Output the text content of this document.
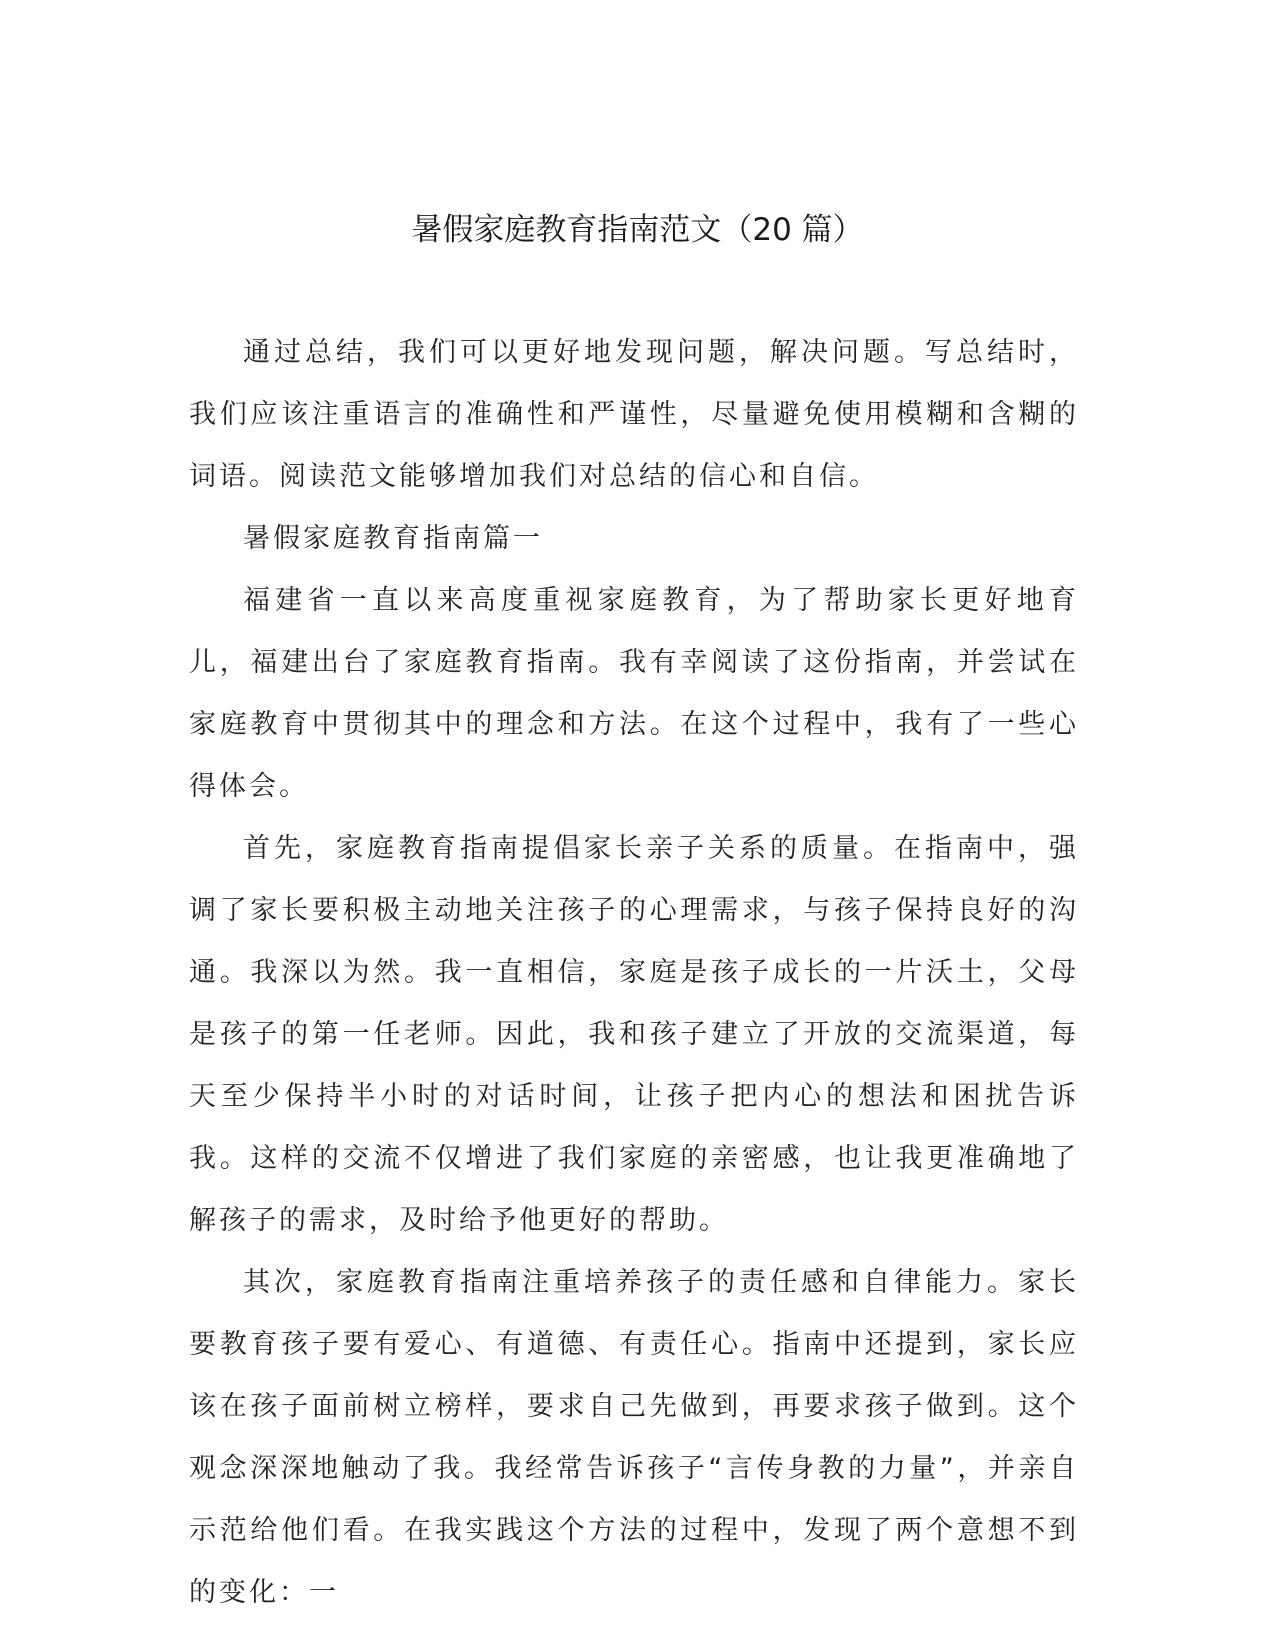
暑假家庭教育指南范文（20 篇）

通过总结，我们可以更好地发现问题，解决问题。写总结时，我们应该注重语言的准确性和严谨性，尽量避免使用模糊和含糊的词语。阅读范文能够增加我们对总结的信心和自信。

暑假家庭教育指南篇一

福建省一直以来高度重视家庭教育，为了帮助家长更好地育儿，福建出台了家庭教育指南。我有幸阅读了这份指南，并尝试在家庭教育中贯彻其中的理念和方法。在这个过程中，我有了一些心得体会。

首先，家庭教育指南提倡家长亲子关系的质量。在指南中，强调了家长要积极主动地关注孩子的心理需求，与孩子保持良好的沟通。我深以为然。我一直相信，家庭是孩子成长的一片沃土，父母是孩子的第一任老师。因此，我和孩子建立了开放的交流渠道，每天至少保持半小时的对话时间，让孩子把内心的想法和困扰告诉我。这样的交流不仅增进了我们家庭的亲密感，也让我更准确地了解孩子的需求，及时给予他更好的帮助。

其次，家庭教育指南注重培养孩子的责任感和自律能力。家长要教育孩子要有爱心、有道德、有责任心。指南中还提到，家长应该在孩子面前树立榜样，要求自己先做到，再要求孩子做到。这个观念深深地触动了我。我经常告诉孩子“言传身教的力量”，并亲自示范给他们看。在我实践这个方法的过程中，发现了两个意想不到的变化：一
